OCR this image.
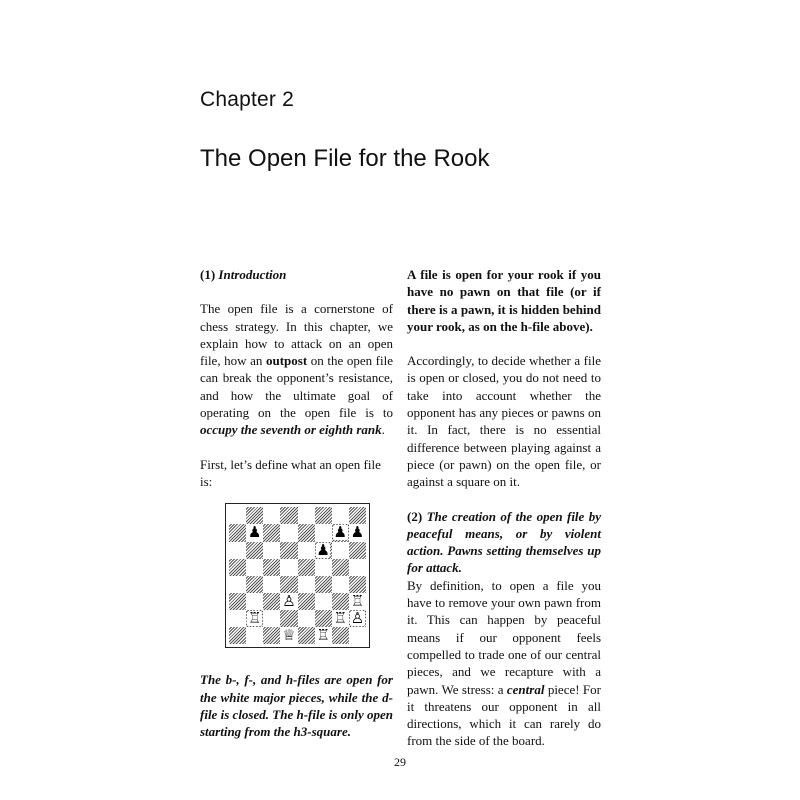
Chapter 2
The Open File for the Rook

(1) Introduction

The open file is a cornerstone of chess strategy. In this chapter, we explain how to attack on an open file, how an outpost on the open file can break the opponent’s resistance, and how the ultimate goal of operating on the open file is to occupy the seventh or eighth rank.

First, let’s define what an open file is:

♟	♟ ♟
♟
♙	♖
♖	♖ ♙
♕ ♖

The b-, f-, and h-files are open for the white major pieces, while the d-file is closed. The h-file is only open starting from the h3-square.

A file is open for your rook if you have no pawn on that file (or if there is a pawn, it is hidden behind your rook, as on the h-file above).

Accordingly, to decide whether a file is open or closed, you do not need to take into account whether the opponent has any pieces or pawns on it. In fact, there is no essential difference between playing against a piece (or pawn) on the open file, or against a square on it.

(2) The creation of the open file by peaceful means, or by violent action. Pawns setting themselves up for attack.

By definition, to open a file you have to remove your own pawn from it. This can happen by peaceful means if our opponent feels compelled to trade one of our central pieces, and we recapture with a pawn. We stress: a central piece! For it threatens our opponent in all directions, which it can rarely do from the side of the board.

29
